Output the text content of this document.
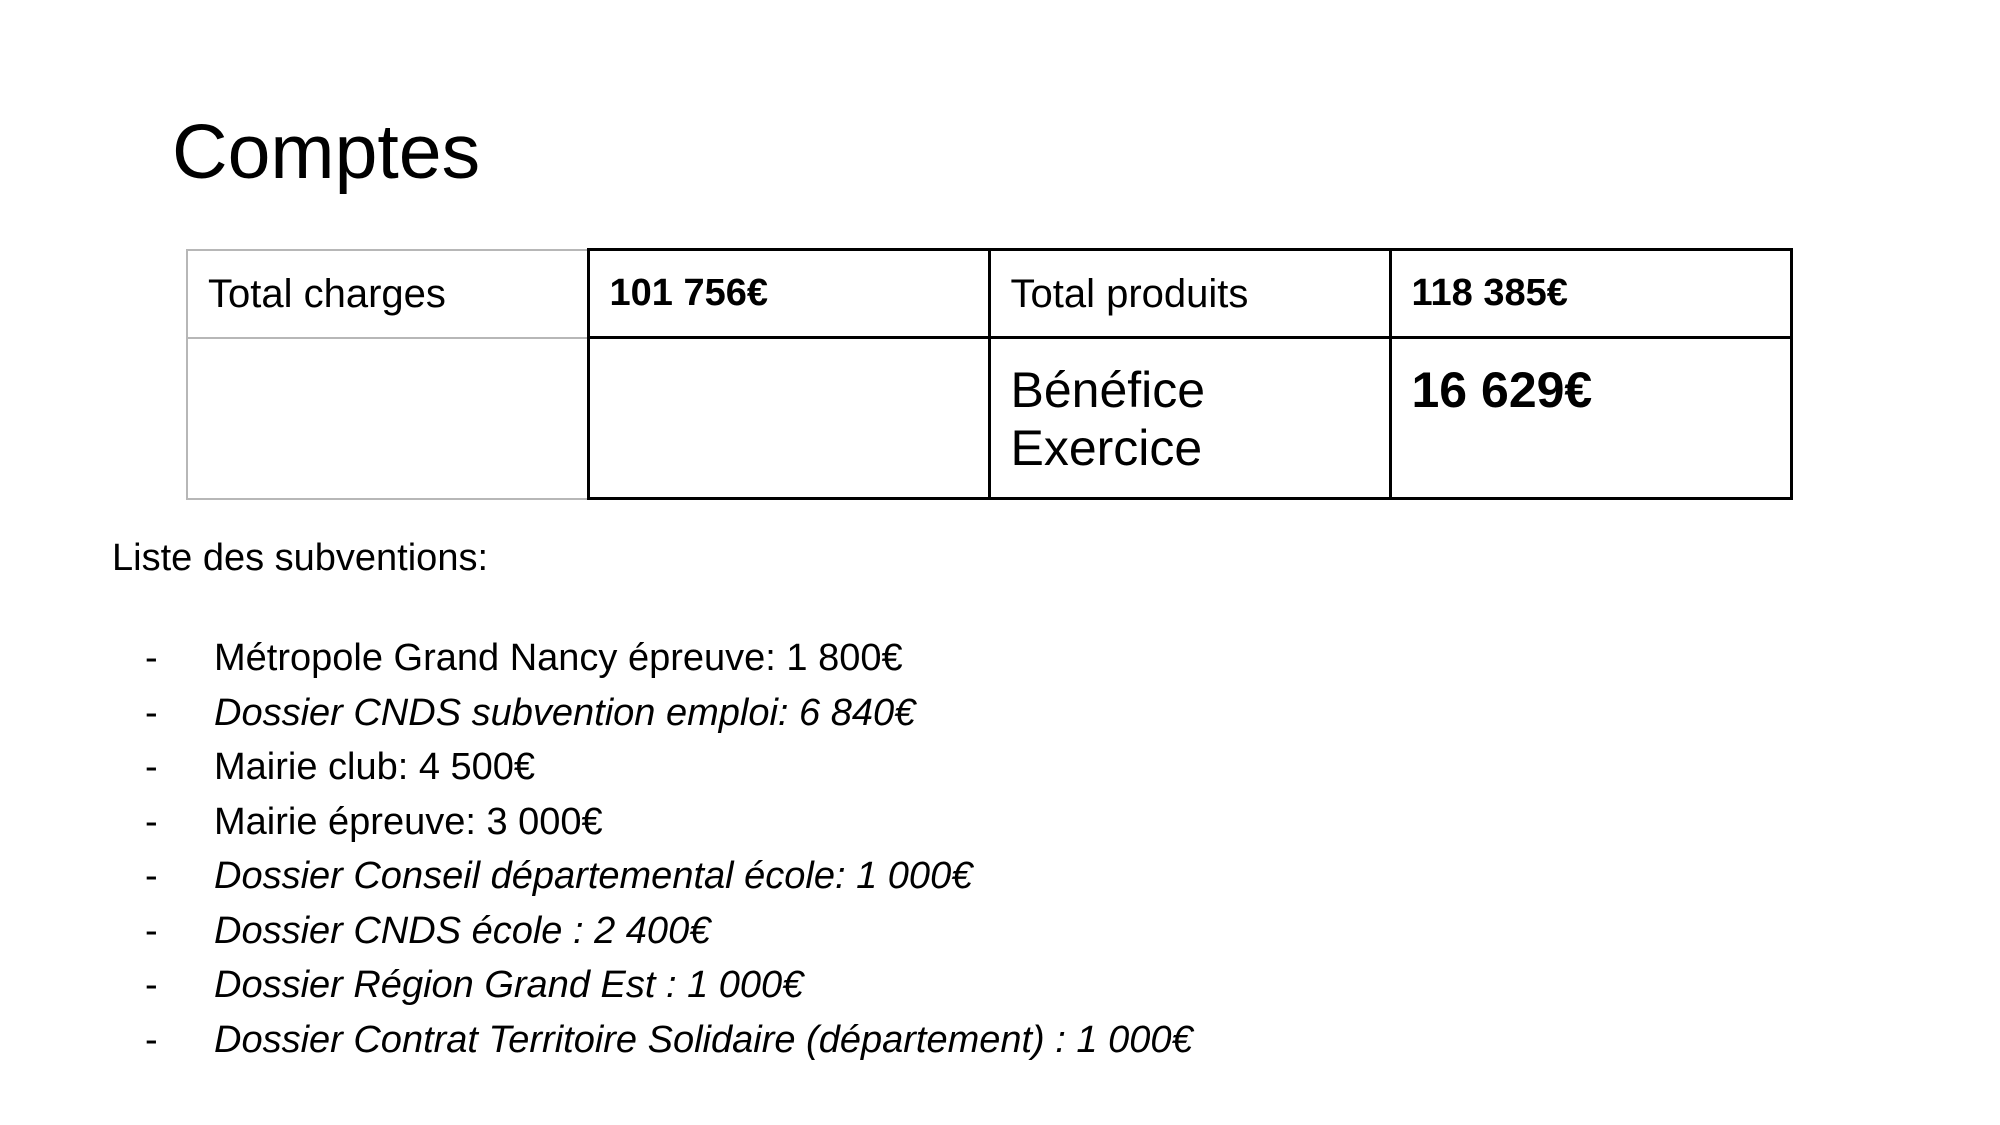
Comptes
Total charges	101 756€	Total produits	118 385€

		Bénéfice Exercice	16 629€

Liste des subventions:

- Métropole Grand Nancy épreuve: 1 800€
- Dossier CNDS subvention emploi: 6 840€
- Mairie club: 4 500€
- Mairie épreuve: 3 000€
- Dossier Conseil départemental école: 1 000€
- Dossier CNDS école : 2 400€
- Dossier Région Grand Est : 1 000€
- Dossier Contrat Territoire Solidaire (département) : 1 000€
